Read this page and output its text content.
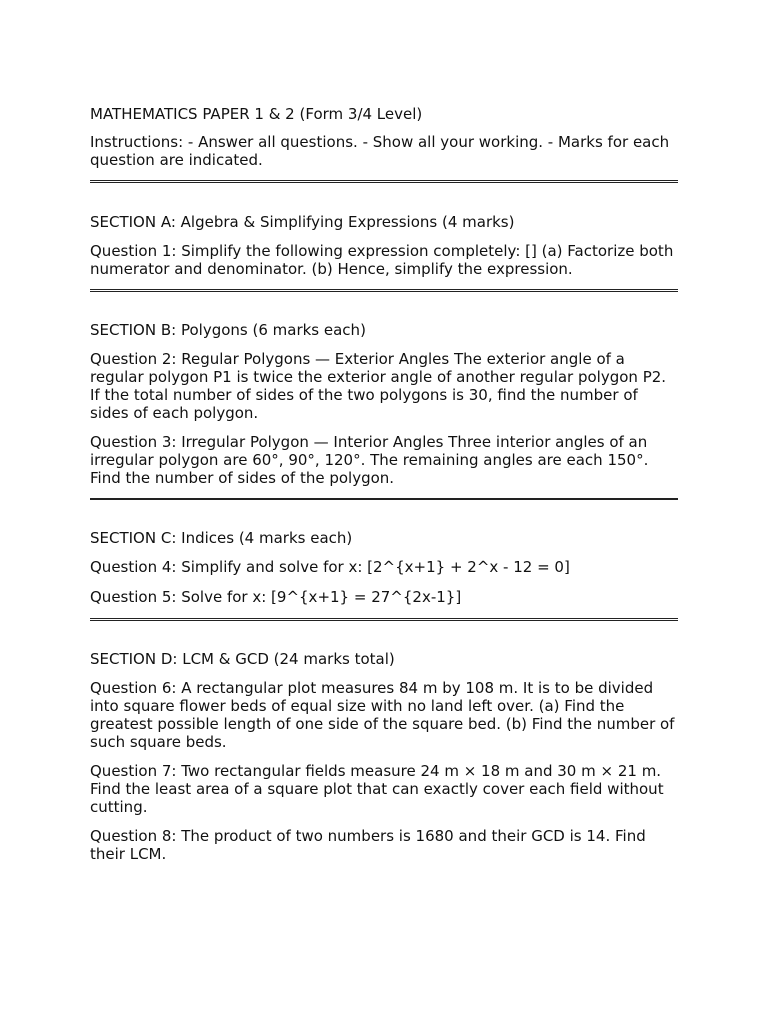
MATHEMATICS PAPER 1 & 2 (Form 3/4 Level)

Instructions: - Answer all questions. - Show all your working. - Marks for each question are indicated.

SECTION A: Algebra & Simplifying Expressions (4 marks)

Question 1: Simplify the following expression completely: [] (a) Factorize both numerator and denominator. (b) Hence, simplify the expression.

SECTION B: Polygons (6 marks each)

Question 2: Regular Polygons — Exterior Angles The exterior angle of a regular polygon P1 is twice the exterior angle of another regular polygon P2. If the total number of sides of the two polygons is 30, find the number of sides of each polygon.

Question 3: Irregular Polygon — Interior Angles Three interior angles of an irregular polygon are 60°, 90°, 120°. The remaining angles are each 150°. Find the number of sides of the polygon.

SECTION C: Indices (4 marks each)

Question 4: Simplify and solve for x: [2^{x+1} + 2^x - 12 = 0]

Question 5: Solve for x: [9^{x+1} = 27^{2x-1}]

SECTION D: LCM & GCD (24 marks total)

Question 6: A rectangular plot measures 84 m by 108 m. It is to be divided into square flower beds of equal size with no land left over. (a) Find the greatest possible length of one side of the square bed. (b) Find the number of such square beds.

Question 7: Two rectangular fields measure 24 m × 18 m and 30 m × 21 m. Find the least area of a square plot that can exactly cover each field without cutting.

Question 8: The product of two numbers is 1680 and their GCD is 14. Find their LCM.
